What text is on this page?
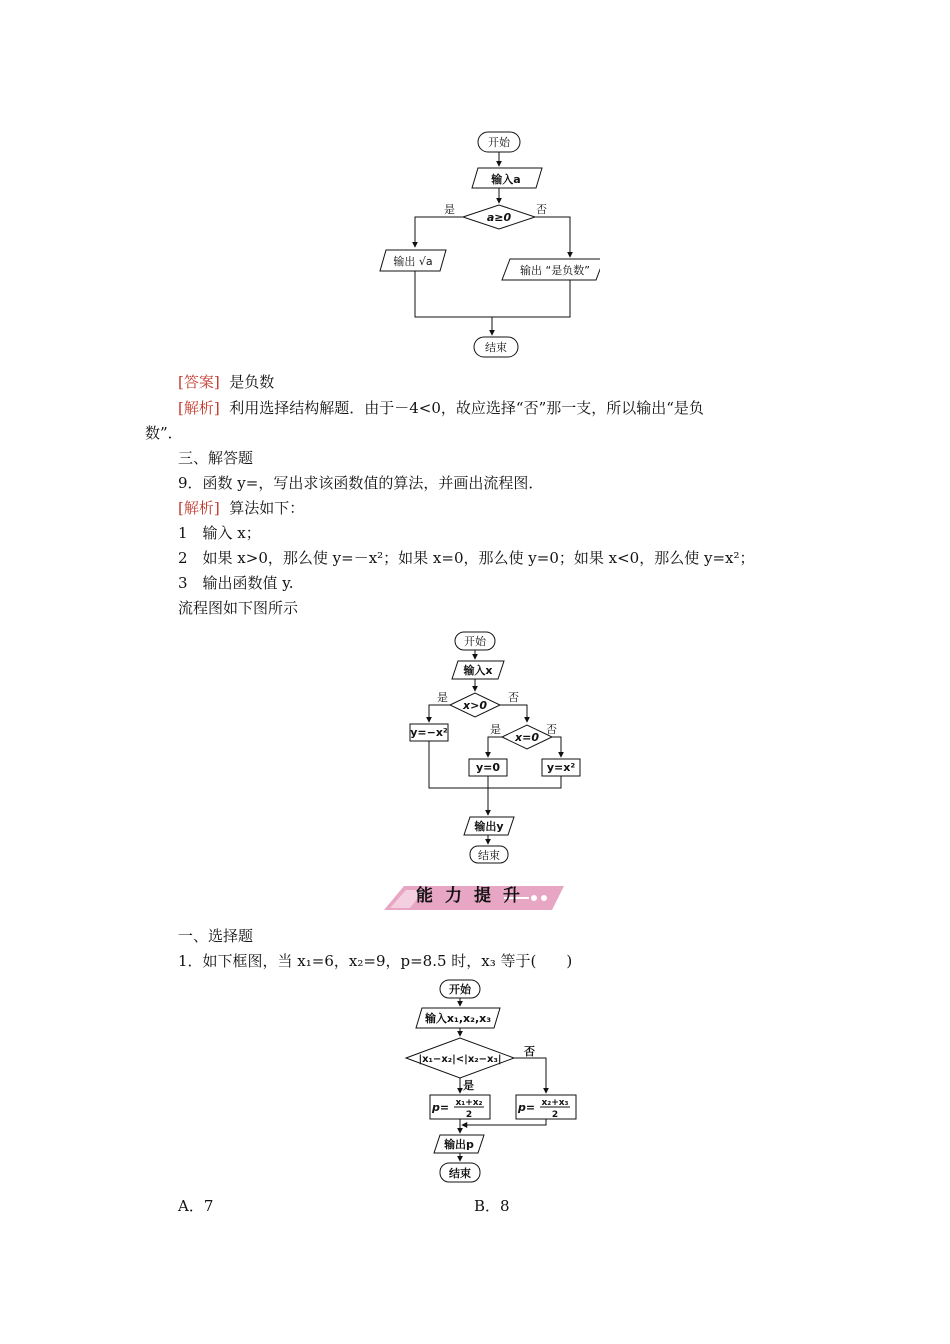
开始
输入a
a≥0
是	否
输出 √a
输出 “是负数”
结束
[答案] 是负数
[解析] 利用选择结构解题．由于－4<0，故应选择“否”那一支，所以输出“是负
数”．
三、解答题
9．函数 y=，写出求该函数值的算法，并画出流程图．
[解析] 算法如下：
1　输入 x；
2　如果 x>0，那么使 y=－x²；如果 x=0，那么使 y=0；如果 x<0，那么使 y=x²；
3　输出函数值 y.
流程图如下图所示
开始
输入x
x>0
是	否
y=−x²	x=0
是	否
y=0	y=x²
输出y
结束
能力提升
一、选择题
1．如下框图，当 x₁=6，x₂=9，p=8.5 时，x₃ 等于(　　)
开始
输入x₁,x₂,x₃
|x₁−x₂|<|x₂−x₃|
是
否
p= x₁+x₂
2
p= x₂+x₃
2
输出p
结束
A．7	B．8
